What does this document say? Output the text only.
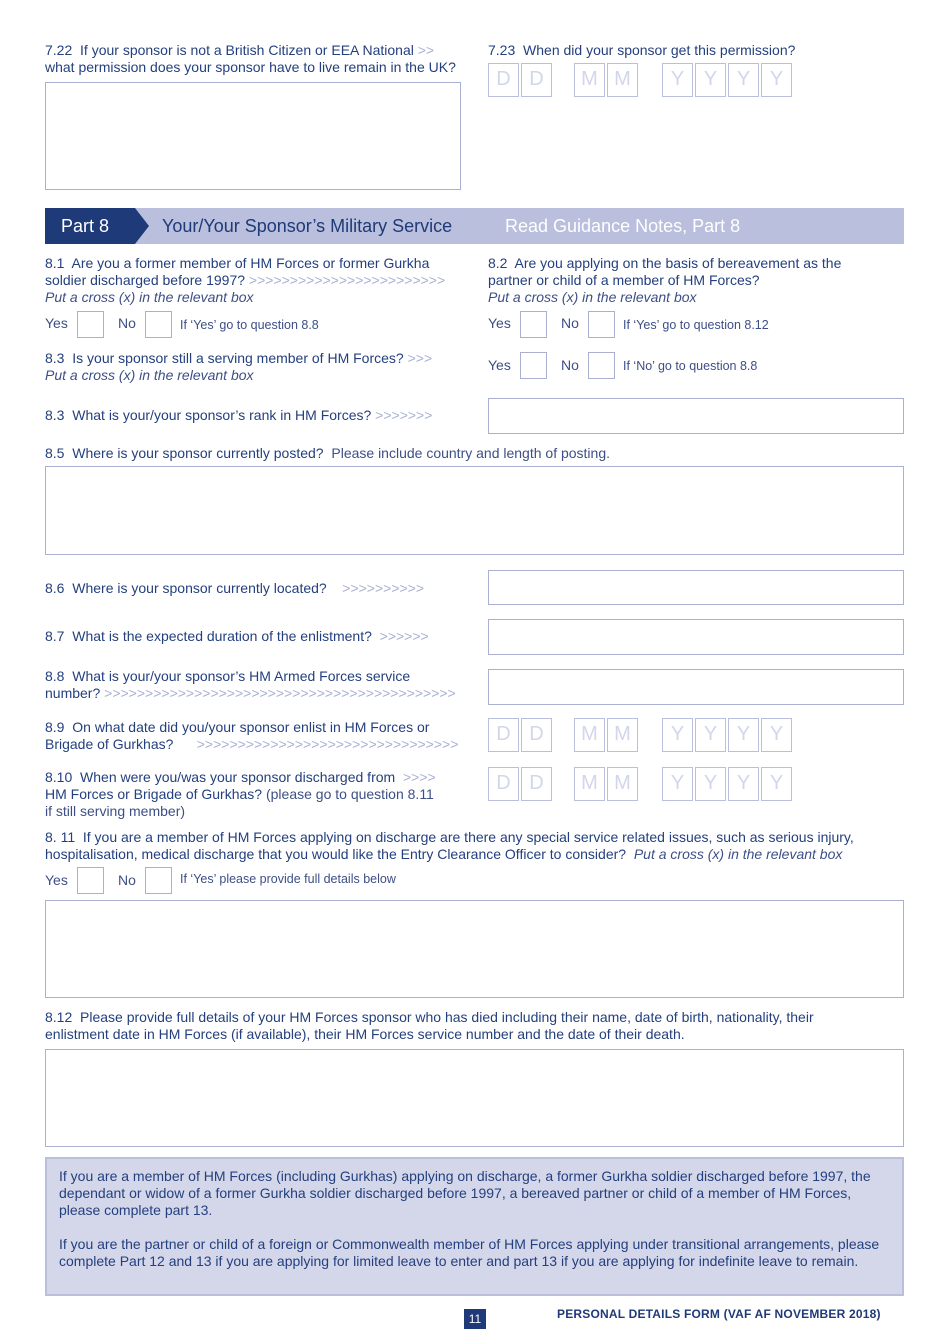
7.22 If your sponsor is not a British Citizen or EEA National >>
what permission does your sponsor have to live remain in the UK?
7.23 When did your sponsor get this permission?
D D	M M	Y Y Y Y
Part 8	Your/Your Sponsor’s Military Service	Read Guidance Notes, Part 8
8.1 Are you a former member of HM Forces or former Gurkha
soldier discharged before 1997? >>>>>>>>>>>>>>>>>>>>>>>>
Put a cross (x) in the relevant box
Yes	No	If ‘Yes’ go to question 8.8
8.2 Are you applying on the basis of bereavement as the
partner or child of a member of HM Forces?
Put a cross (x) in the relevant box
Yes	No	If ‘Yes’ go to question 8.12
8.3 Is your sponsor still a serving member of HM Forces? >>>
Put a cross (x) in the relevant box
Yes	No	If ‘No’ go to question 8.8
8.3 What is your/your sponsor’s rank in HM Forces? >>>>>>>
8.5 Where is your sponsor currently posted? Please include country and length of posting.
8.6 Where is your sponsor currently located? >>>>>>>>>>
8.7 What is the expected duration of the enlistment? >>>>>>
8.8 What is your/your sponsor’s HM Armed Forces service
number? >>>>>>>>>>>>>>>>>>>>>>>>>>>>>>>>>>>>>>>>>>>
8.9 On what date did you/your sponsor enlist in HM Forces or
Brigade of Gurkhas? >>>>>>>>>>>>>>>>>>>>>>>>>>>>>>>>	D D	M M	Y Y Y Y
8.10 When were you/was your sponsor discharged from >>>>
HM Forces or Brigade of Gurkhas? (please go to question 8.11
if still serving member)
D D	M M	Y Y Y Y
8. 11 If you are a member of HM Forces applying on discharge are there any special service related issues, such as serious injury,
hospitalisation, medical discharge that you would like the Entry Clearance Officer to consider? Put a cross (x) in the relevant box
Yes	No	If ‘Yes’ please provide full details below
8.12 Please provide full details of your HM Forces sponsor who has died including their name, date of birth, nationality, their
enlistment date in HM Forces (if available), their HM Forces service number and the date of their death.

If you are a member of HM Forces (including Gurkhas) applying on discharge, a former Gurkha soldier discharged before 1997, the dependant or widow of a former Gurkha soldier discharged before 1997, a bereaved partner or child of a member of HM Forces, please complete part 13.

If you are the partner or child of a foreign or Commonwealth member of HM Forces applying under transitional arrangements, please complete Part 12 and 13 if you are applying for limited leave to enter and part 13 if you are applying for indefinite leave to remain.

11	PERSONAL DETAILS FORM (VAF AF NOVEMBER 2018)
